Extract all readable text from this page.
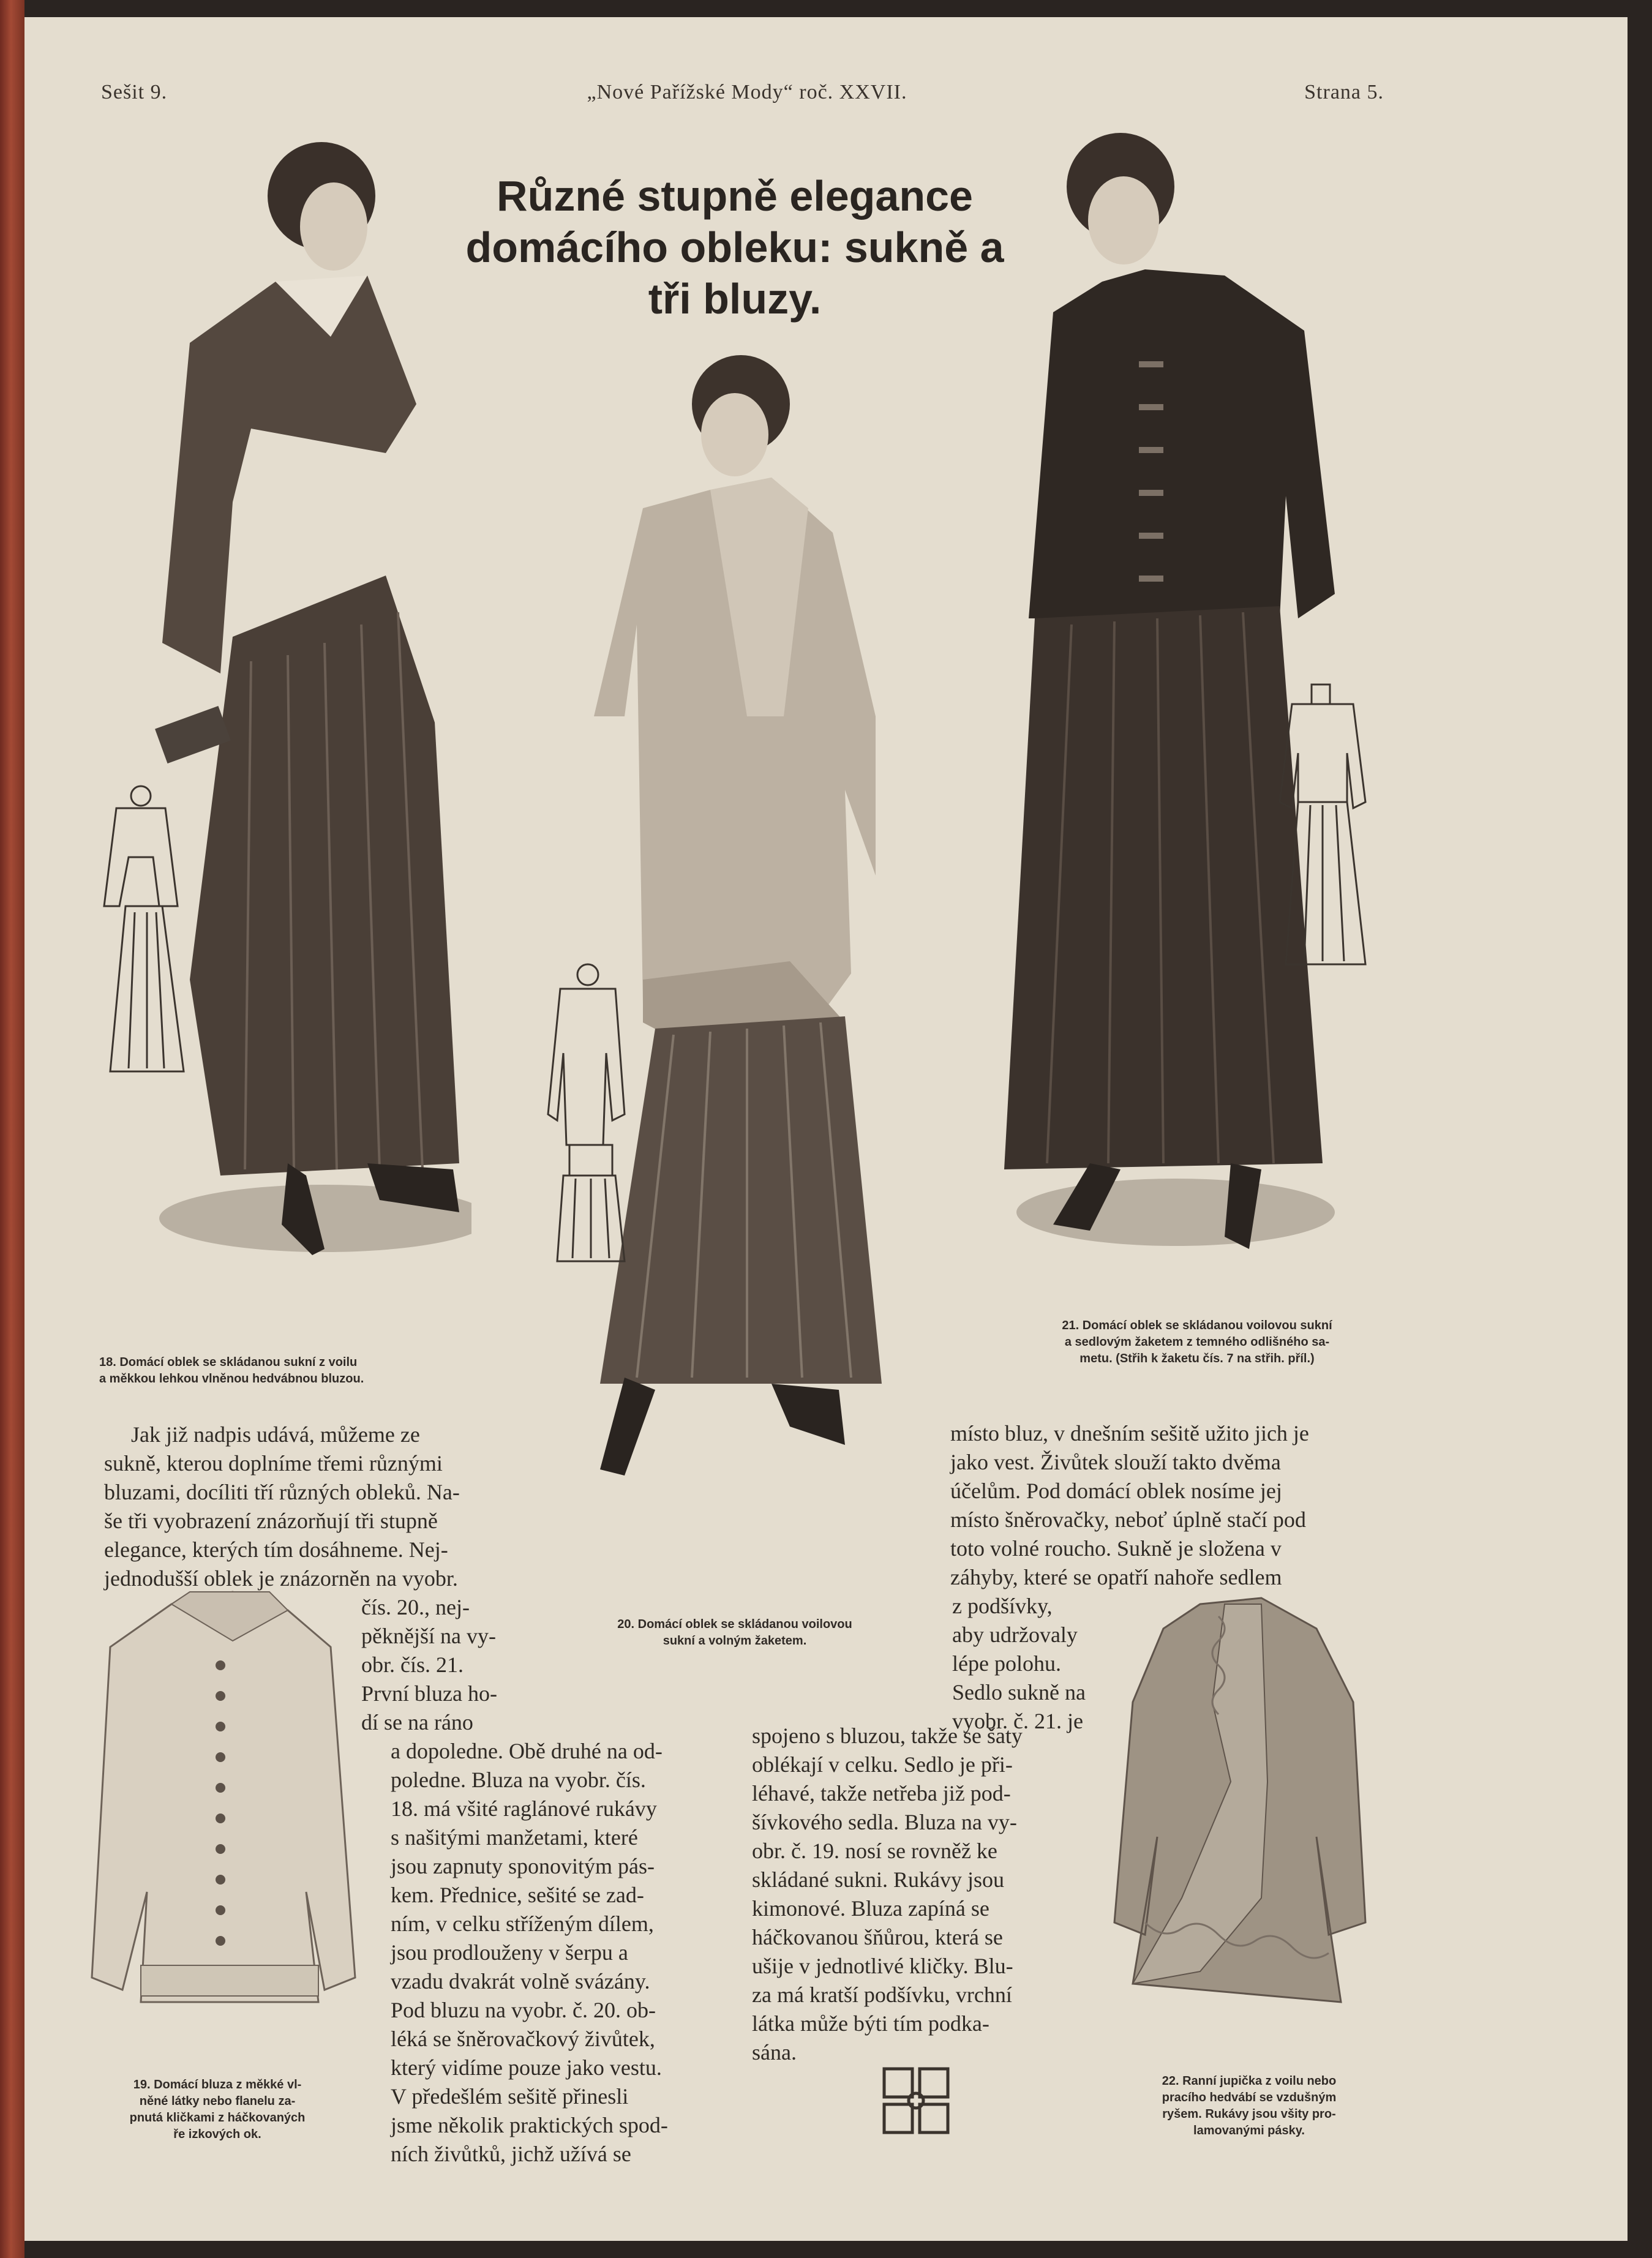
Sešit 9.	„Nové Pařížské Mody“ roč. XXVII.	Strana 5.
Různé stupně elegance
domácího obleku: sukně a
tři bluzy.
18. Domácí oblek se skládanou sukní z voilu
a měkkou lehkou vlněnou hedvábnou bluzou.
21. Domácí oblek se skládanou voilovou sukní
a sedlovým žaketem z temného odlišného sa-
metu. (Střih k žaketu čís. 7 na střih. příl.)
20. Domácí oblek se skládanou voilovou
sukní a volným žaketem.
19. Domácí bluza z měkké vl-
něné látky nebo flanelu za-
pnutá kličkami z háčkovaných
ře izkových ok.
22. Ranní jupička z voilu nebo
pracího hedvábí se vzdušným
ryšem. Rukávy jsou všity pro-
lamovanými pásky.

Jak již nadpis udává, můžeme ze

sukně, kterou doplníme třemi různými

bluzami, docíliti tří různých obleků. Na-

še tři vyobrazení znázorňují tři stupně

elegance, kterých tím dosáhneme. Nej-

jednodušší oblek je znázorněn na vyobr.

čís. 20., nej-

pěknější na vy-

obr. čís. 21.

První bluza ho-

dí se na ráno

a dopoledne. Obě druhé na od-

poledne. Bluza na vyobr. čís.

18. má všité raglánové rukávy

s našitými manžetami, které

jsou zapnuty sponovitým pás-

kem. Přednice, sešité se zad-

ním, v celku stříženým dílem,

jsou prodlouženy v šerpu a

vzadu dvakrát volně svázány.

Pod bluzu na vyobr. č. 20. ob-

léká se šněrovačkový živůtek,

který vidíme pouze jako vestu.

V předešlém sešitě přinesli

jsme několik praktických spod-

ních živůtků, jichž užívá se

spojeno s bluzou, takže se šaty

oblékají v celku. Sedlo je při-

léhavé, takže netřeba již pod-

šívkového sedla. Bluza na vy-

obr. č. 19. nosí se rovněž ke

skládané sukni. Rukávy jsou

kimonové. Bluza zapíná se

háčkovanou šňůrou, která se

ušije v jednotlivé kličky. Blu-

za má kratší podšívku, vrchní

látka může býti tím podka-

sána.

místo bluz, v dnešním sešitě užito jich je

jako vest. Živůtek slouží takto dvěma

účelům. Pod domácí oblek nosíme jej

místo šněrovačky, neboť úplně stačí pod

toto volné roucho. Sukně je složena v

záhyby, které se opatří nahoře sedlem

z podšívky,

aby udržovaly

lépe polohu.

Sedlo sukně na

vyobr. č. 21. je
